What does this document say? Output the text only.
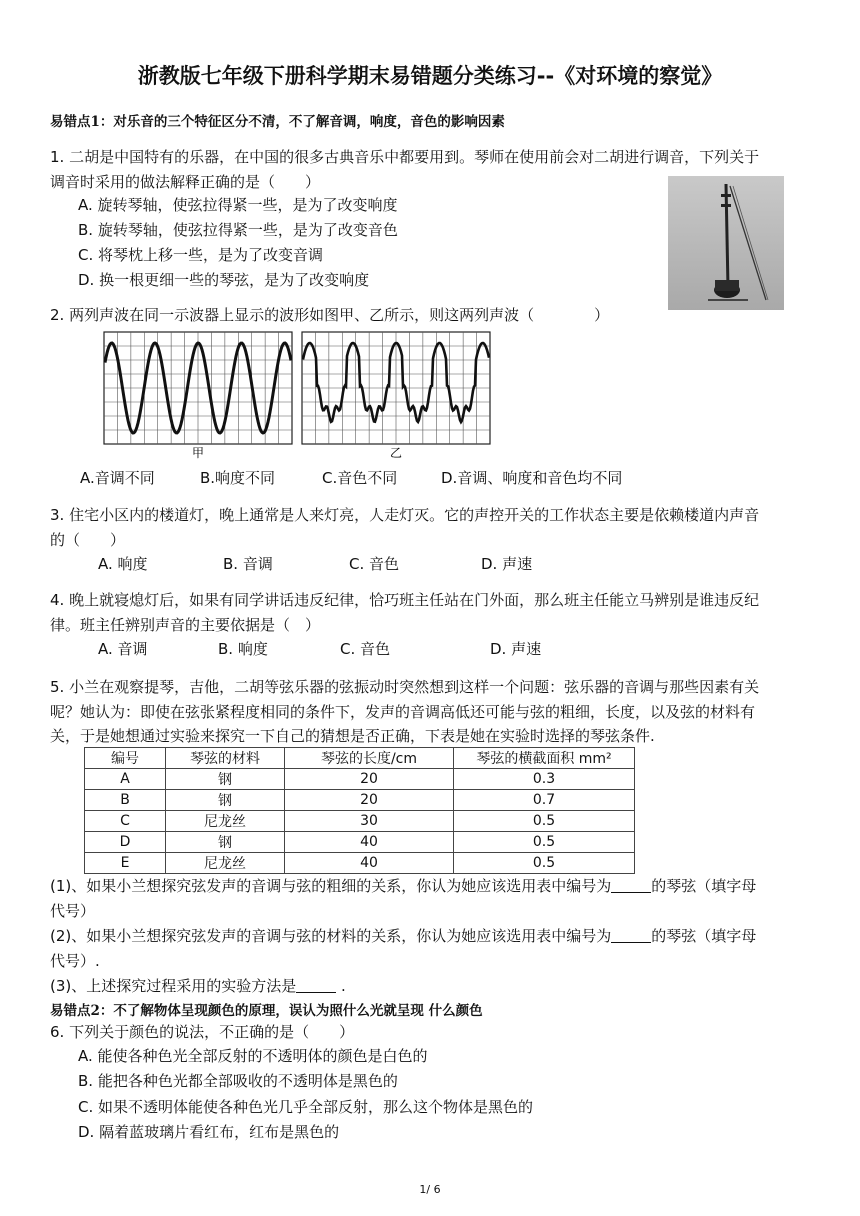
浙教版七年级下册科学期末易错题分类练习--《对环境的察觉》
易错点1：对乐音的三个特征区分不清，不了解音调，响度，音色的影响因素
1. 二胡是中国特有的乐器，在中国的很多古典音乐中都要用到。琴师在使用前会对二胡进行调音，下列关于
调音时采用的做法解释正确的是（　　）
A. 旋转琴轴，使弦拉得紧一些，是为了改变响度
B. 旋转琴轴，使弦拉得紧一些，是为了改变音色
C. 将琴枕上移一些，是为了改变音调
D. 换一根更细一些的琴弦，是为了改变响度
2. 两列声波在同一示波器上显示的波形如图甲、乙所示，则这两列声波（　　　　）
甲	乙
A.音调不同	B.响度不同	C.音色不同	D.音调、响度和音色均不同
3. 住宅小区内的楼道灯，晚上通常是人来灯亮，人走灯灭。它的声控开关的工作状态主要是依赖楼道内声音
的（　　）
A. 响度	B. 音调	C. 音色	D. 声速
4. 晚上就寝熄灯后，如果有同学讲话违反纪律，恰巧班主任站在门外面，那么班主任能立马辨别是谁违反纪
律。班主任辨别声音的主要依据是（　）
A. 音调	B. 响度	C. 音色	D. 声速
5. 小兰在观察提琴，吉他，二胡等弦乐器的弦振动时突然想到这样一个问题：弦乐器的音调与那些因素有关
呢？她认为：即使在弦张紧程度相同的条件下，发声的音调高低还可能与弦的粗细，长度，以及弦的材料有
关，于是她想通过实验来探究一下自己的猜想是否正确，下表是她在实验时选择的琴弦条件.
编号	琴弦的材料	琴弦的长度/cm	琴弦的横截面积 mm²
A	钢	20	0.3
B	钢	20	0.7
C	尼龙丝	30	0.5
D	钢	40	0.5
E	尼龙丝	40	0.5
(1)、如果小兰想探究弦发声的音调与弦的粗细的关系，你认为她应该选用表中编号为	的琴弦（填字母
代号）
(2)、如果小兰想探究弦发声的音调与弦的材料的关系，你认为她应该选用表中编号为	的琴弦（填字母
代号）.
(3)、上述探究过程采用的实验方法是	.
易错点2：不了解物体呈现颜色的原理，误认为照什么光就呈现 什么颜色
6. 下列关于颜色的说法，不正确的是（　　）
A. 能使各种色光全部反射的不透明体的颜色是白色的
B. 能把各种色光都全部吸收的不透明体是黑色的
C. 如果不透明体能使各种色光几乎全部反射，那么这个物体是黑色的
D. 隔着蓝玻璃片看红布，红布是黑色的
1/ 6
